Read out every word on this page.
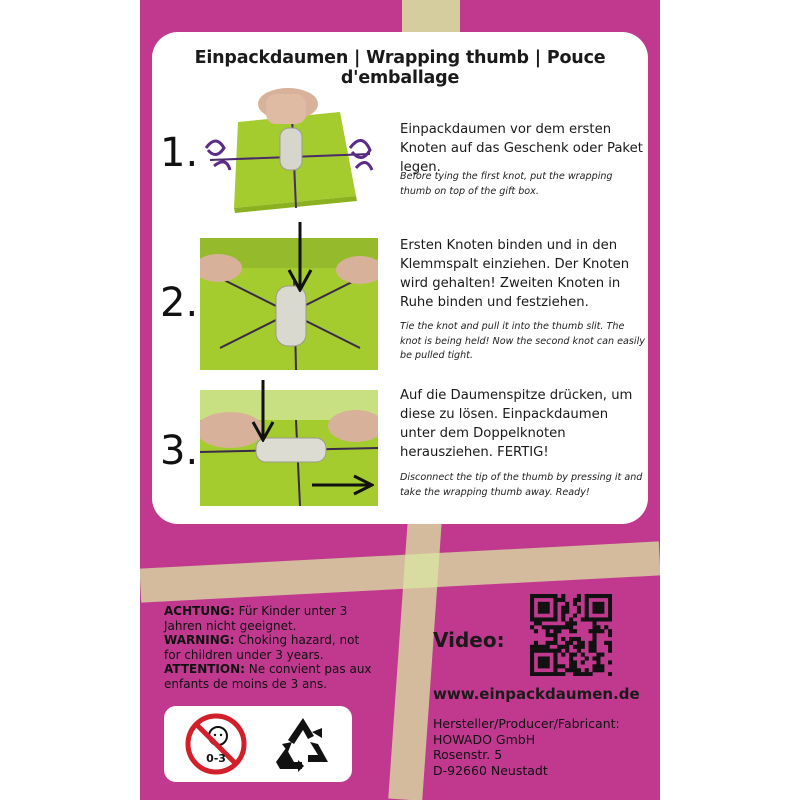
Einpackdaumen | Wrapping thumb | Pouce d'emballage
1.
Einpackdaumen vor dem ersten Knoten auf das Geschenk oder Paket legen.
Before tying the first knot, put the wrapping thumb on top of the gift box.
2.
Ersten Knoten binden und in den Klemmspalt einziehen. Der Knoten wird gehalten! Zweiten Knoten in Ruhe binden und festziehen.
Tie the knot and pull it into the thumb slit. The knot is being held! Now the second knot can easily be pulled tight.
3.
Auf die Daumenspitze drücken, um diese zu lösen. Einpackdaumen unter dem Doppelknoten herausziehen. FERTIG!
Disconnect the tip of the thumb by pressing it and take the wrapping thumb away. Ready!
ACHTUNG: Für Kinder unter 3 Jahren nicht geeignet.
WARNING: Choking hazard, not for children under 3 years.
ATTENTION: Ne convient pas aux enfants de moins de 3 ans.
0-3
Video:
www.einpackdaumen.de
Hersteller/Producer/Fabricant:
HOWADO GmbH
Rosenstr. 5
D-92660 Neustadt
